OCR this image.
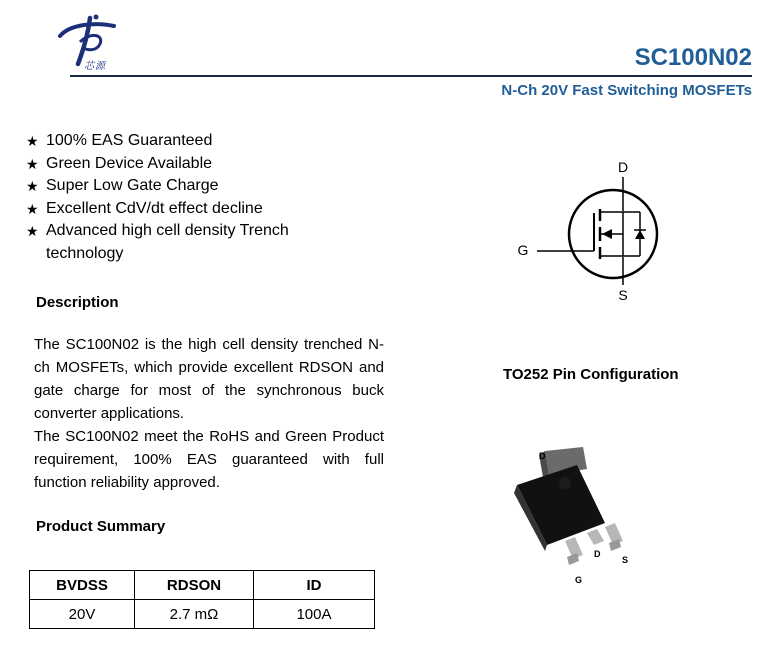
芯源	SC100N02
N-Ch 20V Fast Switching MOSFETs
★ 100% EAS Guaranteed
★ Green Device Available
★ Super Low Gate Charge
★ Excellent CdV/dt effect decline
★ Advanced high cell density Trench technology
Description

The SC100N02 is the high cell density trenched N-ch MOSFETs, which provide excellent RDSON and gate charge for most of the synchronous buck converter applications.

The SC100N02 meet the RoHS and Green Product requirement, 100% EAS guaranteed with full function reliability approved.

Product Summary
BVDSS	RDSON	ID
20V	2.7 mΩ	100A
D
G
S
TO252 Pin Configuration
D
G
D
S
